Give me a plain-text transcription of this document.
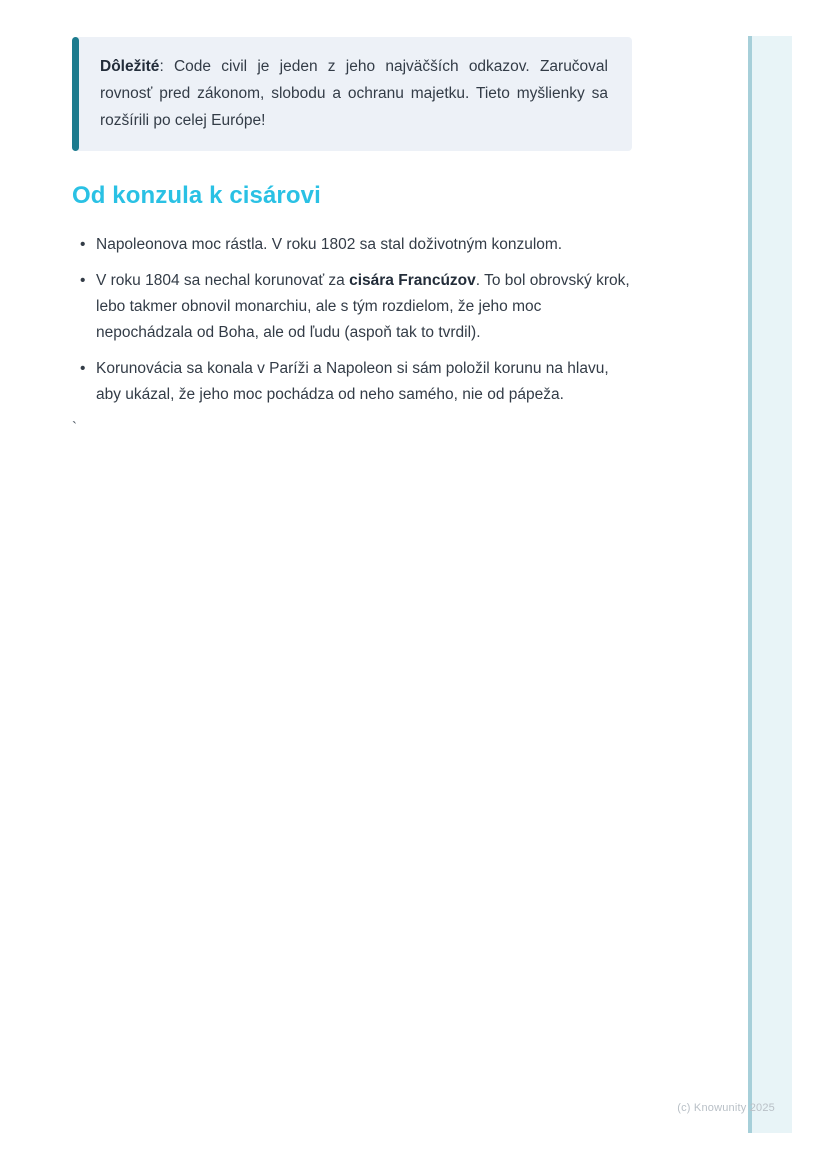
Dôležité: Code civil je jeden z jeho najväčších odkazov. Zaručoval rovnosť pred zákonom, slobodu a ochranu majetku. Tieto myšlienky sa rozšírili po celej Európe!
Od konzula k cisárovi
• Napoleonova moc rástla. V roku 1802 sa stal doživotným konzulom.
• V roku 1804 sa nechal korunovať za cisára Francúzov. To bol obrovský krok, lebo takmer obnovil monarchiu, ale s tým rozdielom, že jeho moc nepochádzala od Boha, ale od ľudu (aspoň tak to tvrdil).
• Korunovácia sa konala v Paríži a Napoleon si sám položil korunu na hlavu, aby ukázal, že jeho moc pochádza od neho samého, nie od pápeža.
`
(c) Knowunity 2025
